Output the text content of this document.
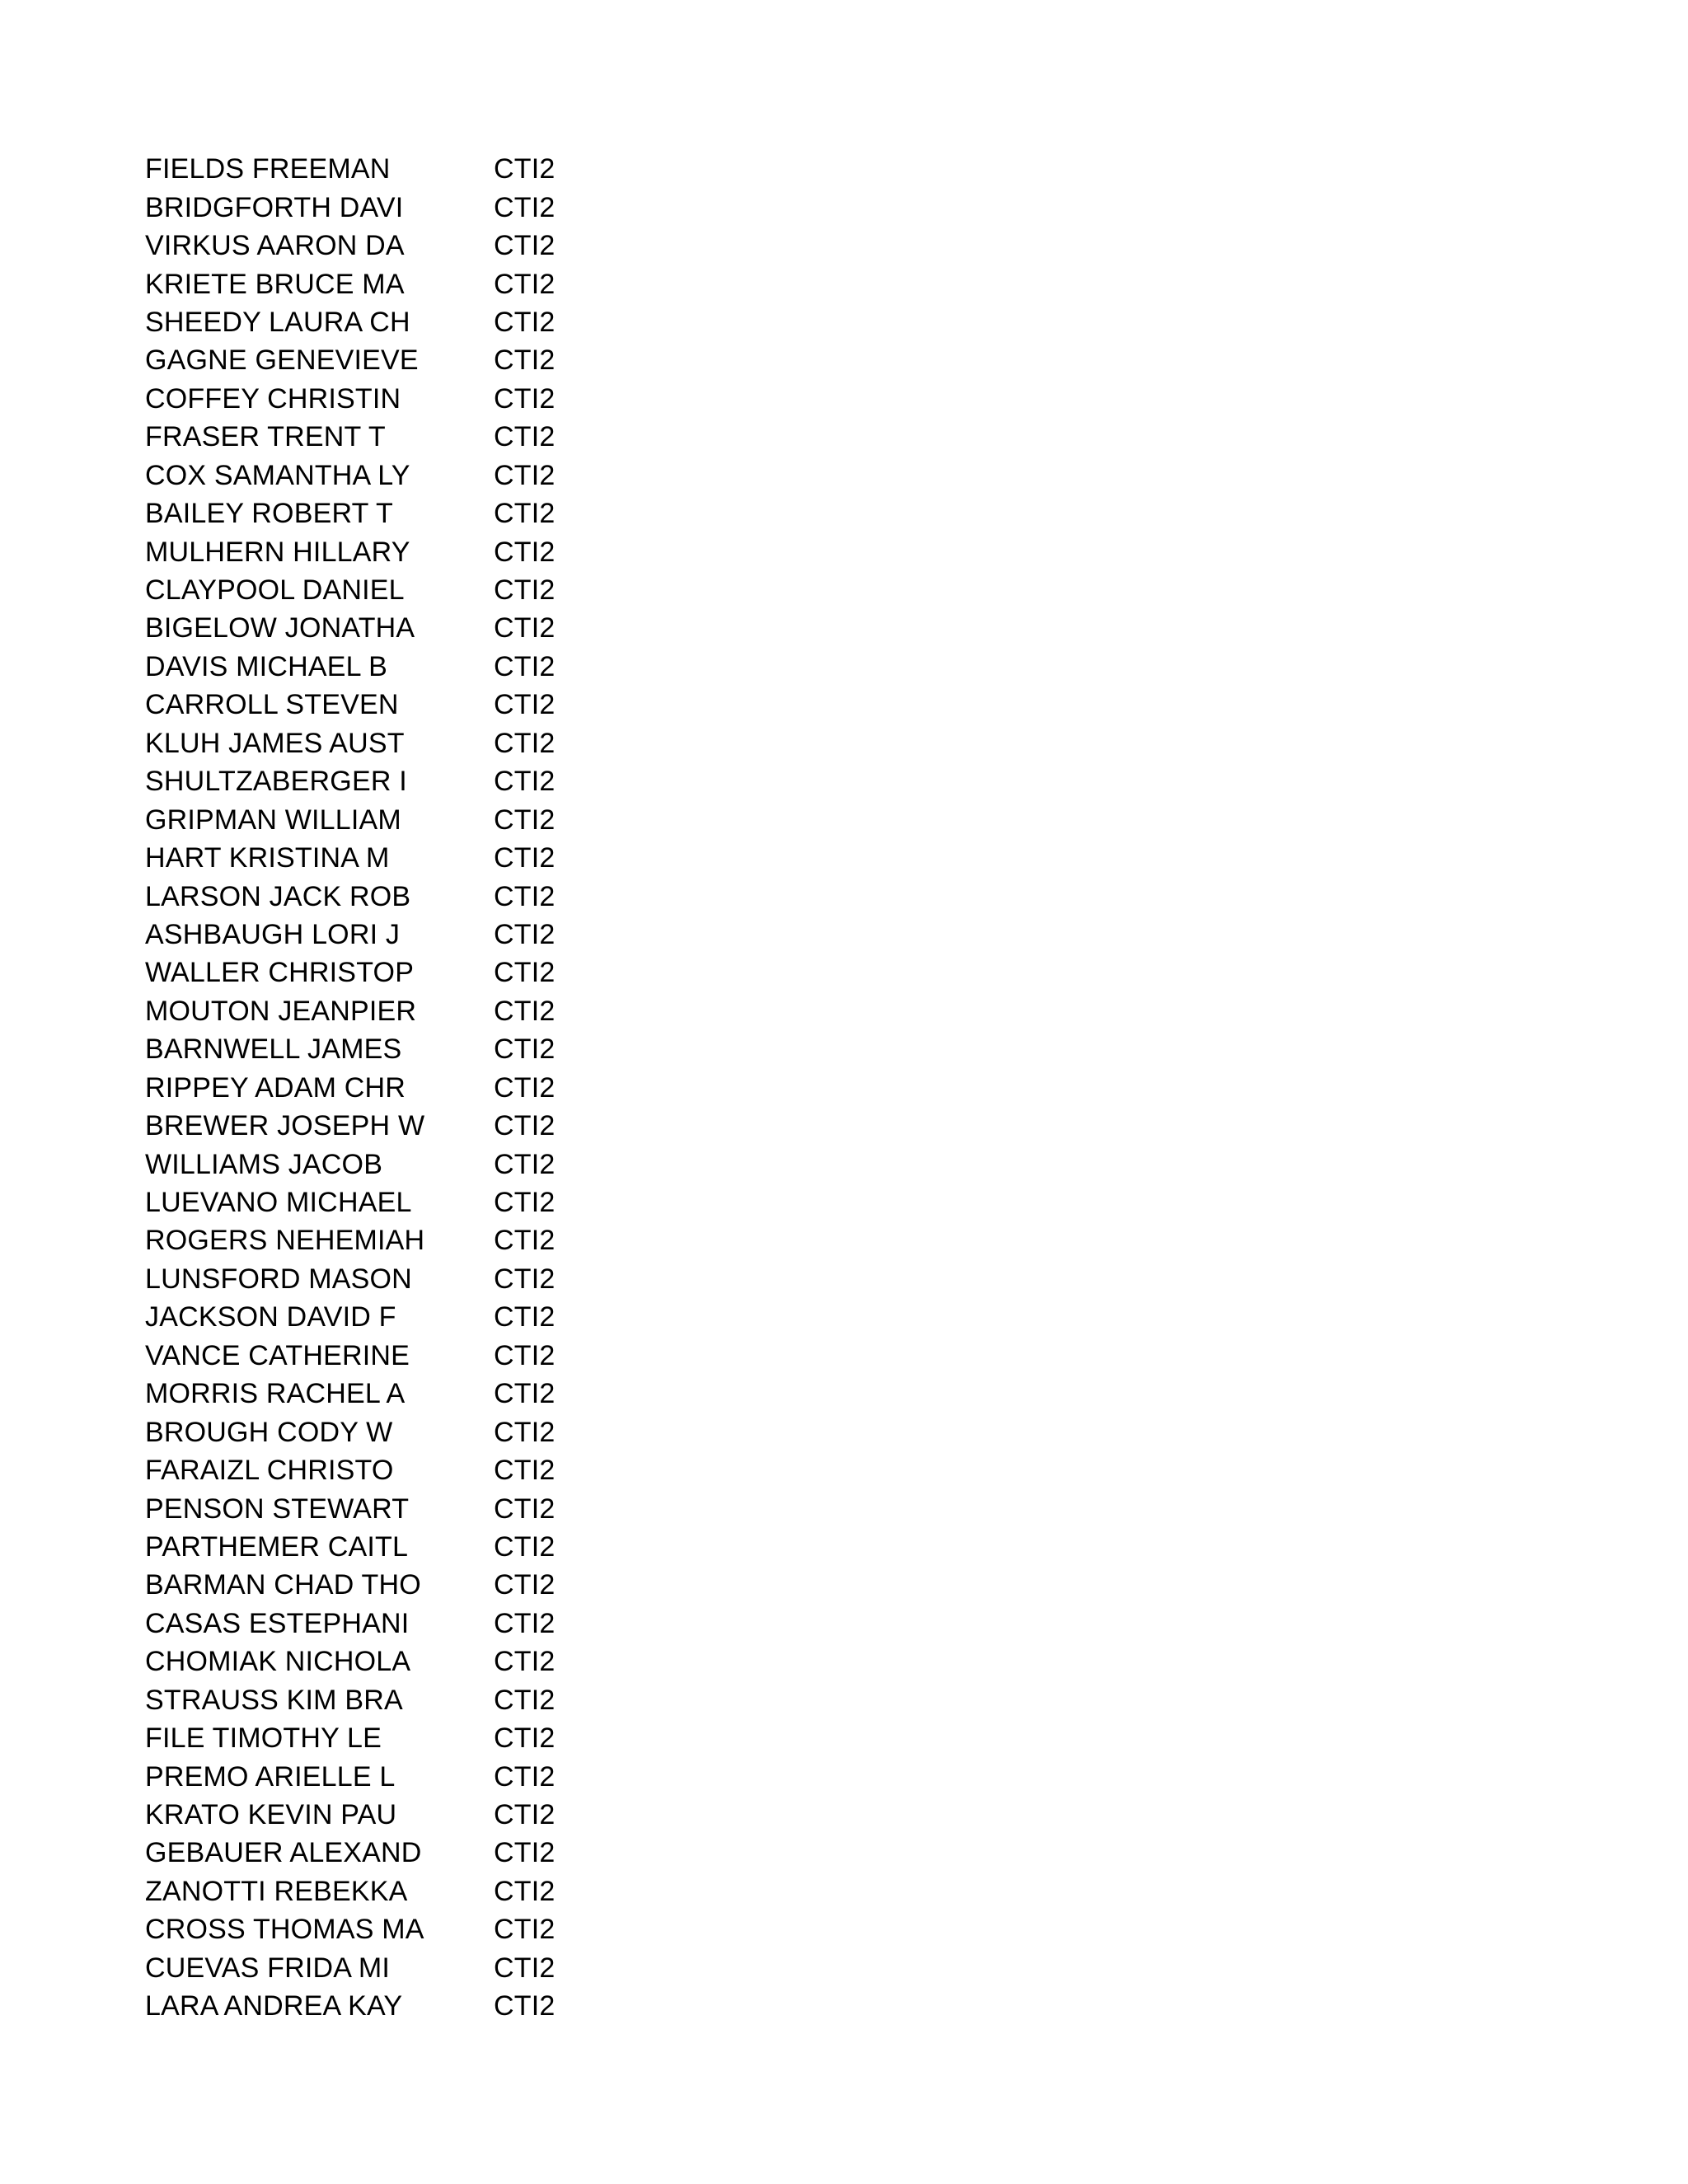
FIELDS FREEMAN	CTI2
BRIDGFORTH DAVI	CTI2
VIRKUS AARON DA	CTI2
KRIETE BRUCE MA	CTI2
SHEEDY LAURA CH	CTI2
GAGNE GENEVIEVE	CTI2
COFFEY CHRISTIN	CTI2
FRASER TRENT T	CTI2
COX SAMANTHA LY	CTI2
BAILEY ROBERT T	CTI2
MULHERN HILLARY	CTI2
CLAYPOOL DANIEL	CTI2
BIGELOW JONATHA	CTI2
DAVIS MICHAEL B	CTI2
CARROLL STEVEN	CTI2
KLUH JAMES AUST	CTI2
SHULTZABERGER I	CTI2
GRIPMAN WILLIAM	CTI2
HART KRISTINA M	CTI2
LARSON JACK ROB	CTI2
ASHBAUGH LORI J	CTI2
WALLER CHRISTOP	CTI2
MOUTON JEANPIER	CTI2
BARNWELL JAMES	CTI2
RIPPEY ADAM CHR	CTI2
BREWER JOSEPH W	CTI2
WILLIAMS JACOB	CTI2
LUEVANO MICHAEL	CTI2
ROGERS NEHEMIAH	CTI2
LUNSFORD MASON	CTI2
JACKSON DAVID F	CTI2
VANCE CATHERINE	CTI2
MORRIS RACHEL A	CTI2
BROUGH CODY W	CTI2
FARAIZL CHRISTO	CTI2
PENSON STEWART	CTI2
PARTHEMER CAITL	CTI2
BARMAN CHAD THO	CTI2
CASAS ESTEPHANI	CTI2
CHOMIAK NICHOLA	CTI2
STRAUSS KIM BRA	CTI2
FILE TIMOTHY LE	CTI2
PREMO ARIELLE L	CTI2
KRATO KEVIN PAU	CTI2
GEBAUER ALEXAND	CTI2
ZANOTTI REBEKKA	CTI2
CROSS THOMAS MA	CTI2
CUEVAS FRIDA MI	CTI2
LARA ANDREA KAY	CTI2
